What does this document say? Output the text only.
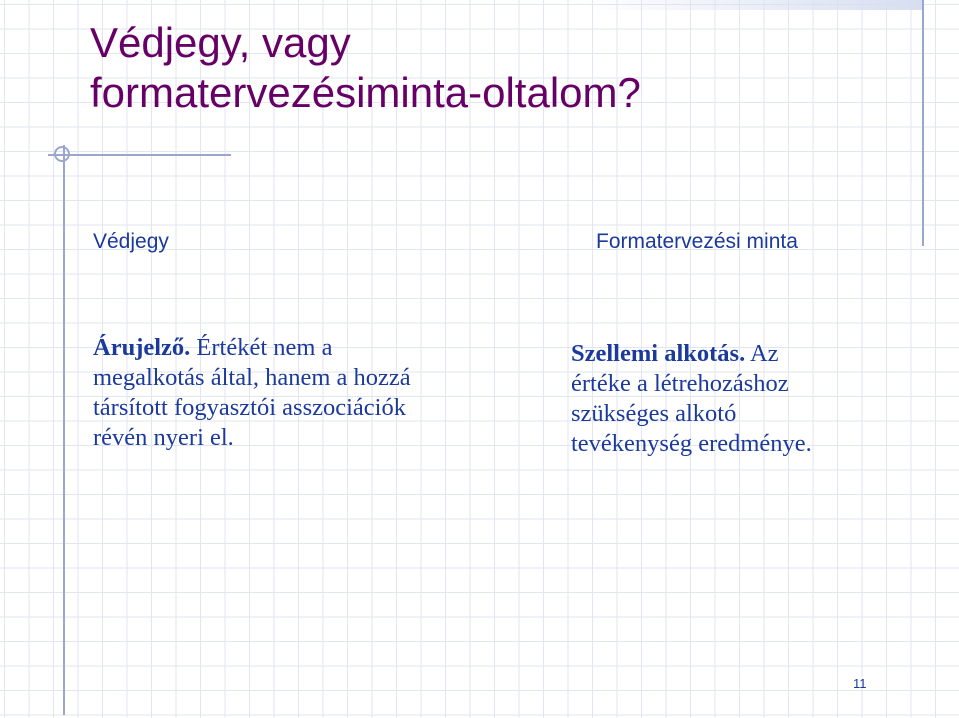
Védjegy, vagy
formatervezésiminta-oltalom?
Védjegy	Formatervezési minta
Árujelző. Értékét nem a
megalkotás által, hanem a hozzá
társított fogyasztói asszociációk
révén nyeri el.
Szellemi alkotás. Az
értéke a létrehozáshoz
szükséges alkotó
tevékenység eredménye.

11
